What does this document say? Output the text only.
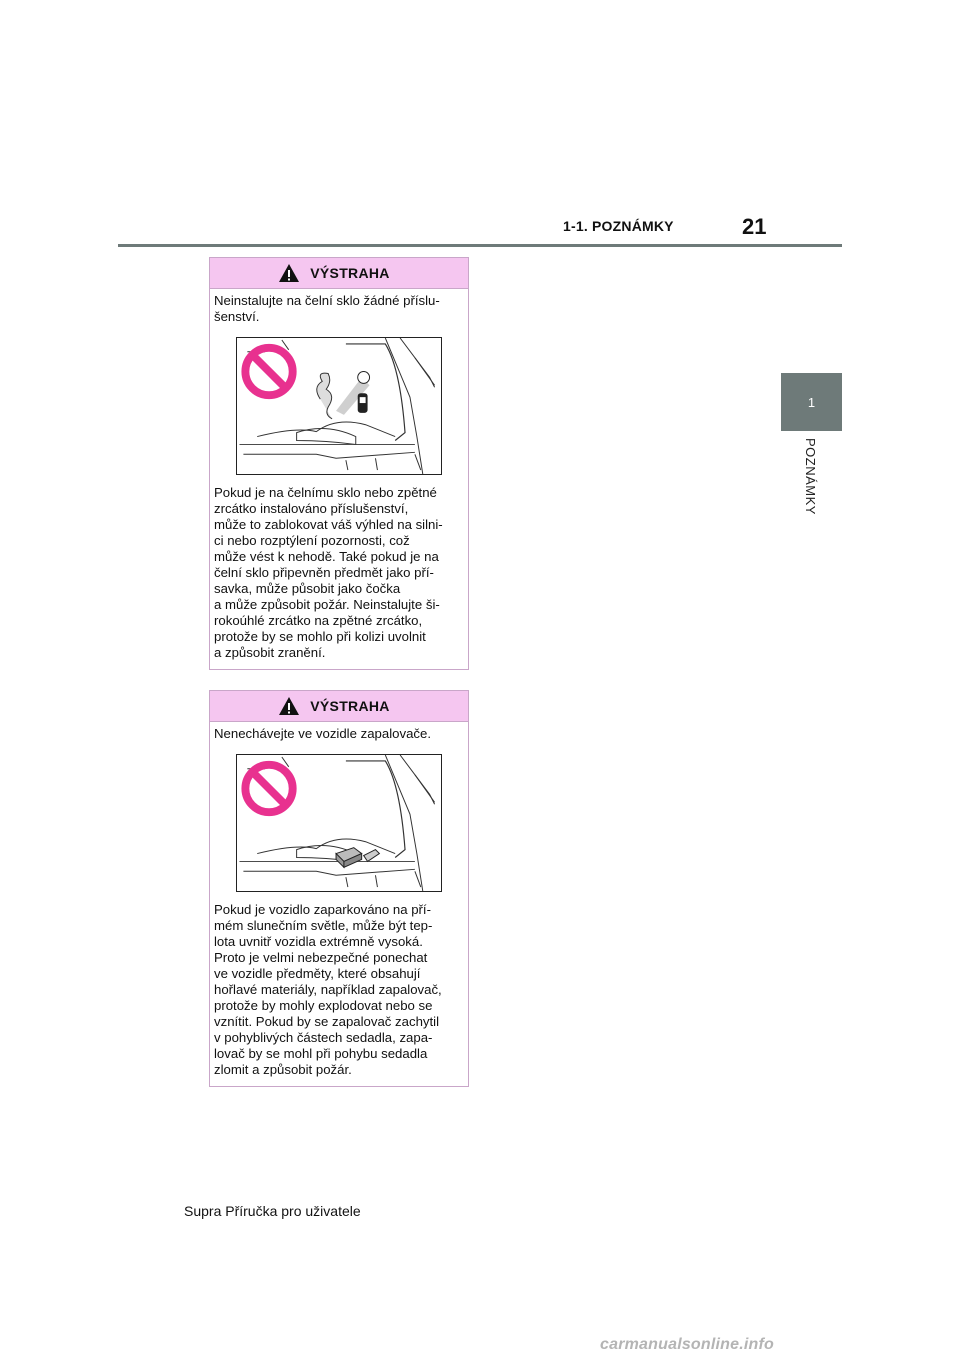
1-1. POZNÁMKY	21
1
POZNÁMKY
VÝSTRAHA

Neinstalujte na čelní sklo žádné příslu-
šenství.

Pokud je na čelnímu sklo nebo zpětné
zrcátko instalováno příslušenství,
může to zablokovat váš výhled na silni-
ci nebo rozptýlení pozornosti, což
může vést k nehodě. Také pokud je na
čelní sklo připevněn předmět jako pří-
savka, může působit jako čočka
a může způsobit požár. Neinstalujte ši-
rokoúhlé zrcátko na zpětné zrcátko,
protože by se mohlo při kolizi uvolnit
a způsobit zranění.

VÝSTRAHA

Nenechávejte ve vozidle zapalovače.

Pokud je vozidlo zaparkováno na pří-
mém slunečním světle, může být tep-
lota uvnitř vozidla extrémně vysoká.
Proto je velmi nebezpečné ponechat
ve vozidle předměty, které obsahují
hořlavé materiály, například zapalovač,
protože by mohly explodovat nebo se
vznítit. Pokud by se zapalovač zachytil
v pohyblivých částech sedadla, zapa-
lovač by se mohl při pohybu sedadla
zlomit a způsobit požár.

Supra Příručka pro uživatele
carmanualsonline.info
